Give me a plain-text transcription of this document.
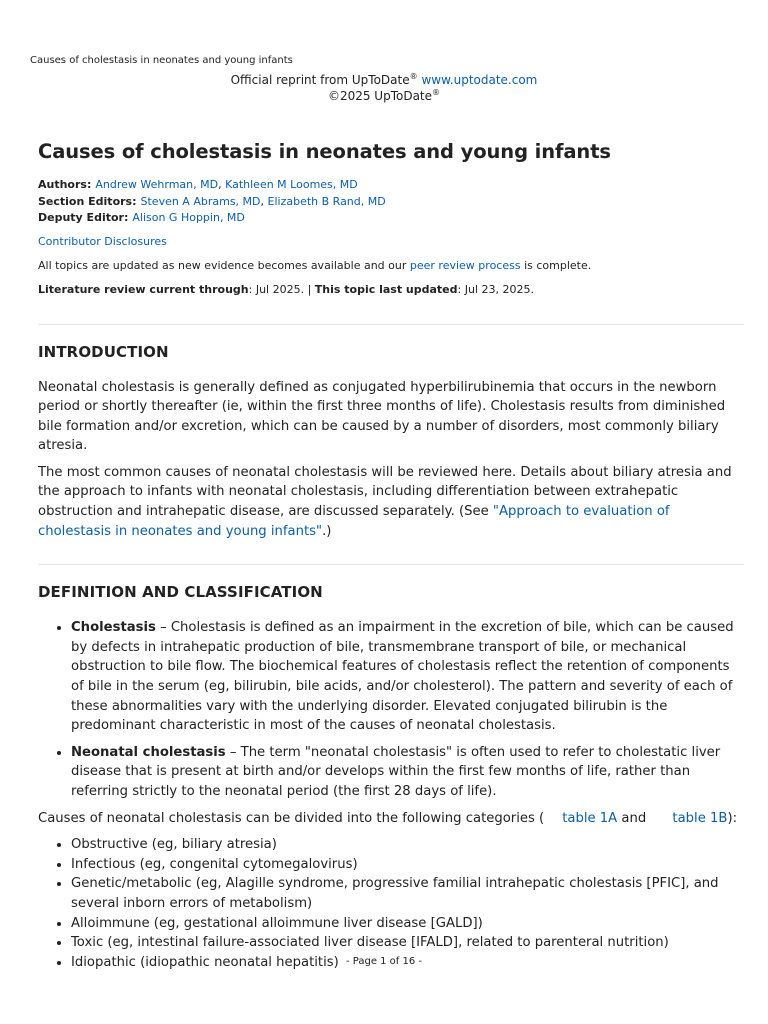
Causes of cholestasis in neonates and young infants
Official reprint from UpToDate® www.uptodate.com
©2025 UpToDate®
Causes of cholestasis in neonates and young infants
Authors: Andrew Wehrman, MD, Kathleen M Loomes, MD
Section Editors: Steven A Abrams, MD, Elizabeth B Rand, MD
Deputy Editor: Alison G Hoppin, MD
Contributor Disclosures
All topics are updated as new evidence becomes available and our peer review process is complete.
Literature review current through: Jul 2025. | This topic last updated: Jul 23, 2025.
INTRODUCTION

Neonatal cholestasis is generally defined as conjugated hyperbilirubinemia that occurs in the newborn period or shortly thereafter (ie, within the first three months of life). Cholestasis results from diminished bile formation and/or excretion, which can be caused by a number of disorders, most commonly biliary atresia.

The most common causes of neonatal cholestasis will be reviewed here. Details about biliary atresia and the approach to infants with neonatal cholestasis, including differentiation between extrahepatic obstruction and intrahepatic disease, are discussed separately. (See "Approach to evaluation of cholestasis in neonates and young infants".)

DEFINITION AND CLASSIFICATION
• Cholestasis – Cholestasis is defined as an impairment in the excretion of bile, which can be caused by defects in intrahepatic production of bile, transmembrane transport of bile, or mechanical obstruction to bile flow. The biochemical features of cholestasis reflect the retention of components of bile in the serum (eg, bilirubin, bile acids, and/or cholesterol). The pattern and severity of each of these abnormalities vary with the underlying disorder. Elevated conjugated bilirubin is the predominant characteristic in most of the causes of neonatal cholestasis.
• Neonatal cholestasis – The term "neonatal cholestasis" is often used to refer to cholestatic liver disease that is present at birth and/or develops within the first few months of life, rather than referring strictly to the neonatal period (the first 28 days of life).

Causes of neonatal cholestasis can be divided into the following categories ( table 1A and table 1B):

• Obstructive (eg, biliary atresia)
• Infectious (eg, congenital cytomegalovirus)
• Genetic/metabolic (eg, Alagille syndrome, progressive familial intrahepatic cholestasis [PFIC], and several inborn errors of metabolism)
• Alloimmune (eg, gestational alloimmune liver disease [GALD])
• Toxic (eg, intestinal failure-associated liver disease [IFALD], related to parenteral nutrition)
• Idiopathic (idiopathic neonatal hepatitis) - Page 1 of 16 -
